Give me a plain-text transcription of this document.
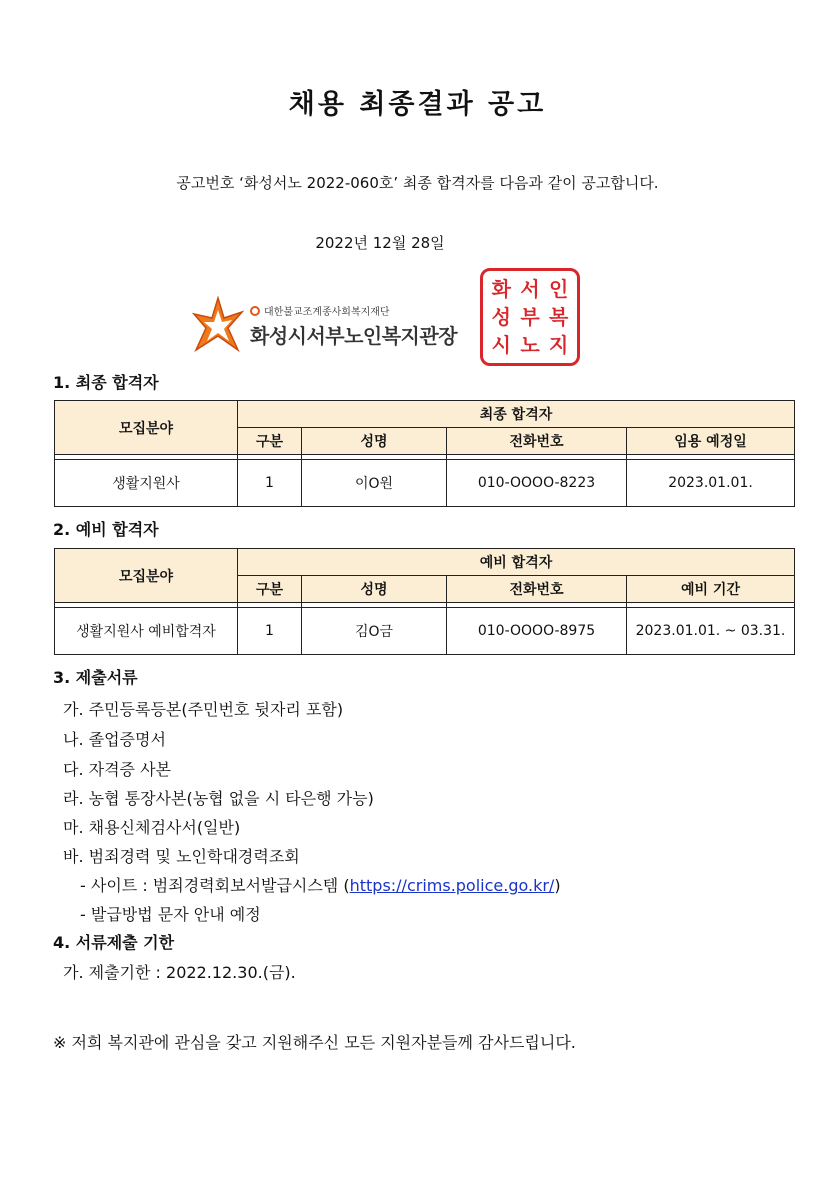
채용 최종결과 공고
공고번호 ‘화성서노 2022-060호’ 최종 합격자를 다음과 같이 공고합니다.
2022년 12월 28일
대한불교조계종사회복지재단
화성시서부노인복지관장
화 서 인
성 부 복
시 노 지
1. 최종 합격자
모집분야	최종 합격자			
	구분	성명	전화번호	임용 예정일

생활지원사	1	이O원	010-OOOO-8223	2023.01.01.
2. 예비 합격자
모집분야	예비 합격자			
	구분	성명	전화번호	예비 기간

생활지원사 예비합격자	1	김O금	010-OOOO-8975	2023.01.01. ~ 03.31.
3. 제출서류
가. 주민등록등본(주민번호 뒷자리 포함)
나. 졸업증명서
다. 자격증 사본
라. 농협 통장사본(농협 없을 시 타은행 가능)
마. 채용신체검사서(일반)
바. 범죄경력 및 노인학대경력조회
- 사이트 : 범죄경력회보서발급시스템 (https://crims.police.go.kr/)
- 발급방법 문자 안내 예정
4. 서류제출 기한
가. 제출기한 : 2022.12.30.(금).
※ 저희 복지관에 관심을 갖고 지원해주신 모든 지원자분들께 감사드립니다.
